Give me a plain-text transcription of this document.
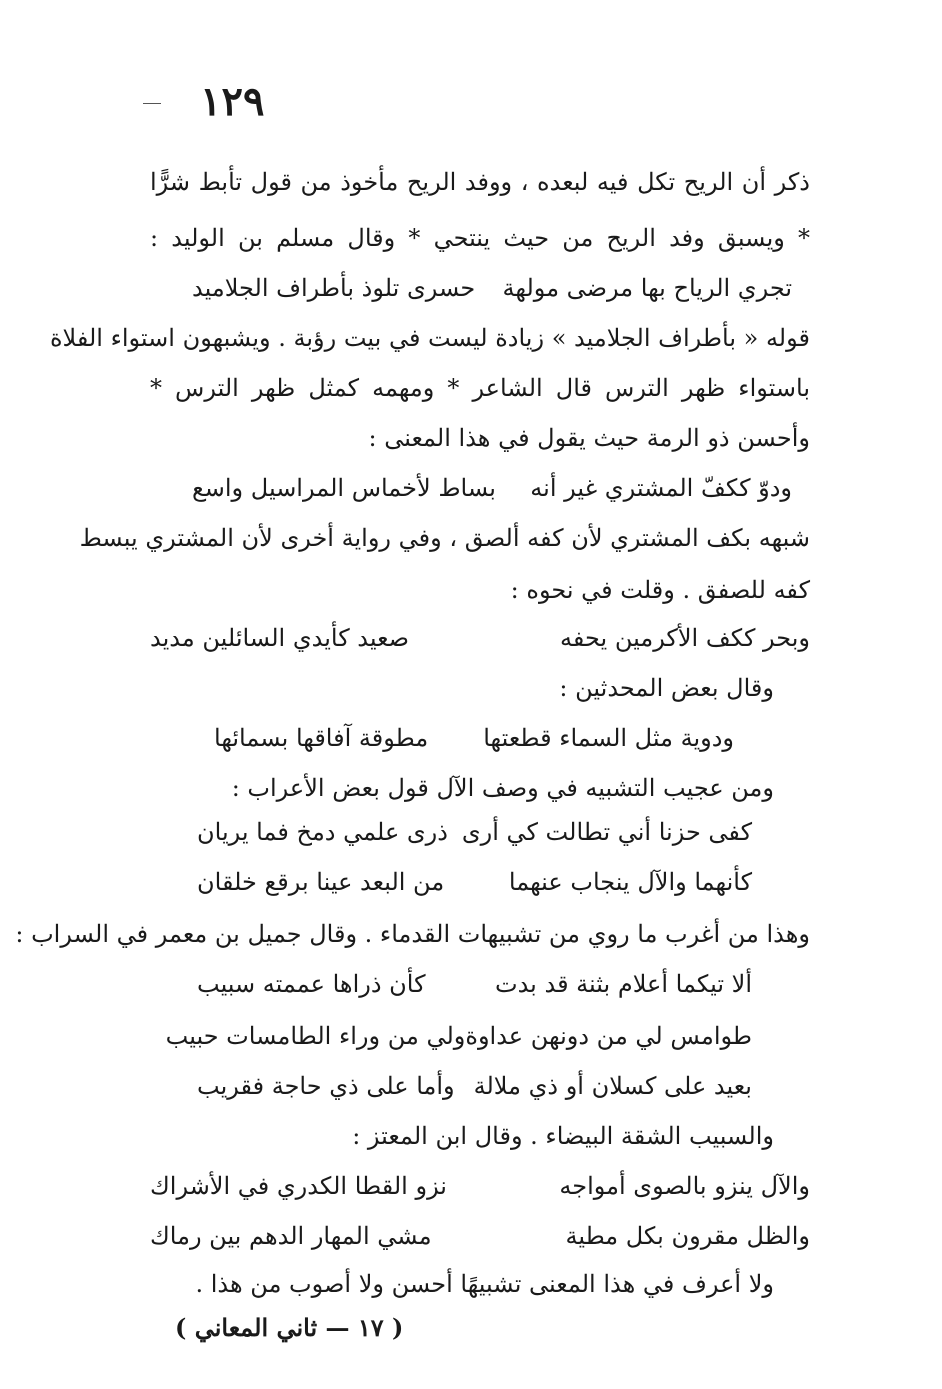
١٢٩
ذكر أن الريح تكل فيه لبعده ، ووفد الريح مأخوذ من قول تأبط شرًّا
* ويسبق وفد الريح من حيث ينتحي * وقال مسلم بن الوليد :
تجري الرياح بها مرضى مولهة
حسرى تلوذ بأطراف الجلاميد
قوله « بأطراف الجلاميد » زيادة ليست في بيت رؤبة . ويشبهون استواء الفلاة
باستواء ظهر الترس قال الشاعر * ومهمه كمثل ظهر الترس *
وأحسن ذو الرمة حيث يقول في هذا المعنى :
ودوّ ككفّ المشتري غير أنه
بساط لأخماس المراسيل واسع
شبهه بكف المشتري لأن كفه ألصق ، وفي رواية أخرى لأن المشتري يبسط
كفه للصفق . وقلت في نحوه :
وبحر ككف الأكرمين يحفه
صعيد كأيدي السائلين مديد
وقال بعض المحدثين :
ودوية مثل السماء قطعتها
مطوقة آفاقها بسمائها
ومن عجيب التشبيه في وصف الآل قول بعض الأعراب :
كفى حزنا أني تطالت كي أرى
ذرى علمي دمخ فما يريان
كأنهما والآل ينجاب عنهما
من البعد عينا برقع خلقان
وهذا من أغرب ما روي من تشبيهات القدماء . وقال جميل بن معمر في السراب :
ألا تيكما أعلام بثنة قد بدت
كأن ذراها عممته سبيب
طوامس لي من دونهن عداوة
ولي من وراء الطامسات حبيب
بعيد على كسلان أو ذي ملالة
وأما على ذي حاجة فقريب
والسبيب الشقة البيضاء . وقال ابن المعتز :
والآل ينزو بالصوى أمواجه
نزو القطا الكدري في الأشراك
والظل مقرون بكل مطية
مشي المهار الدهم بين رماك
ولا أعرف في هذا المعنى تشبيهًا أحسن ولا أصوب من هذا .
( ١٧ — ثاني المعاني )
